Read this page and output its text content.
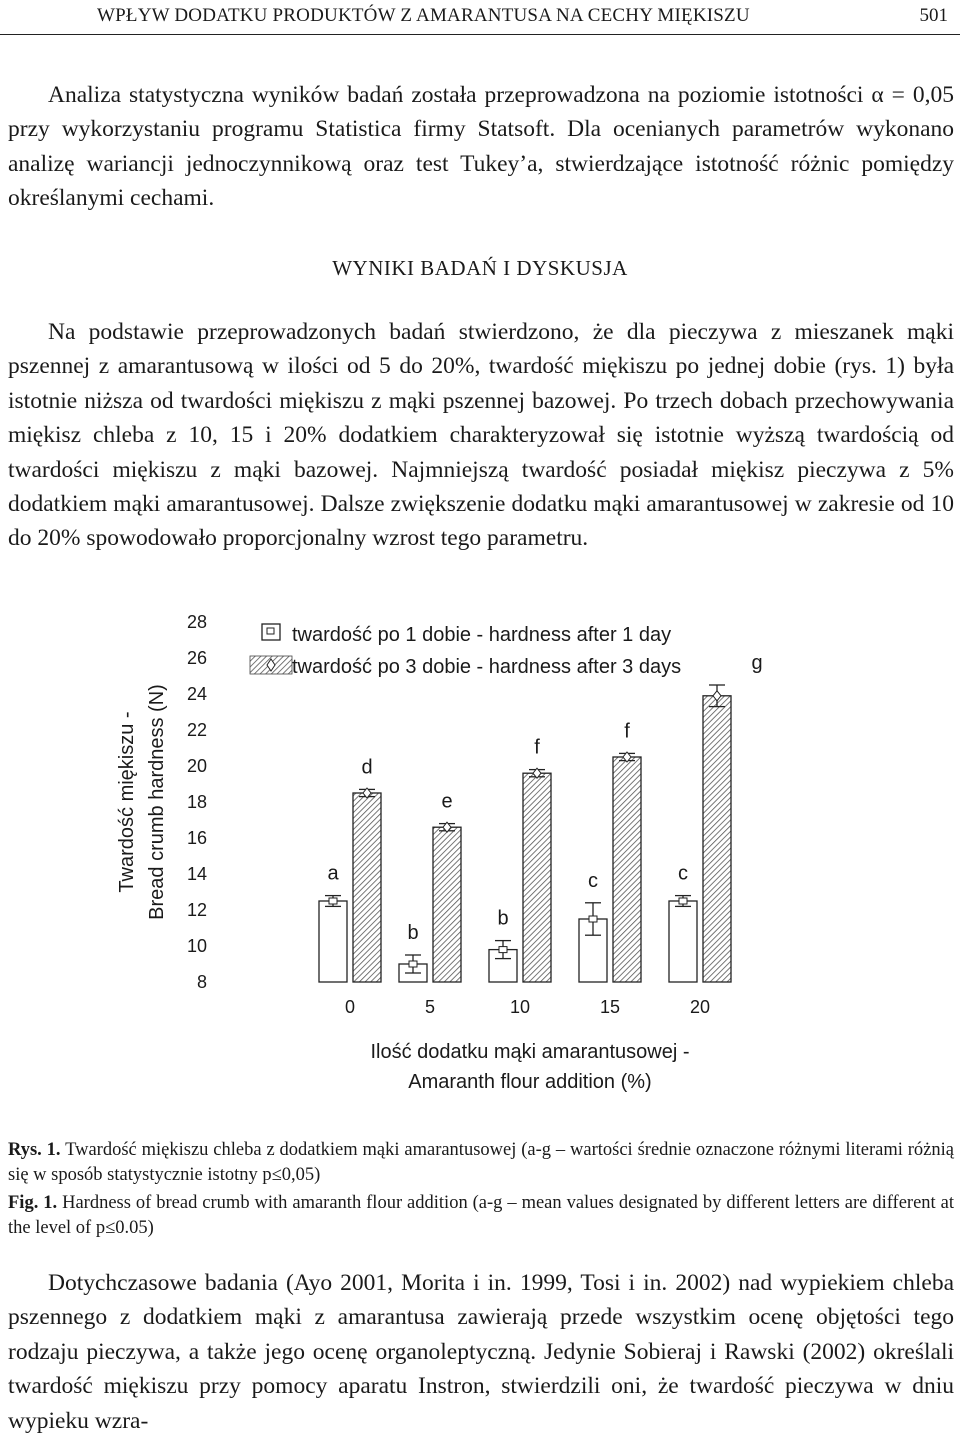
WPŁYW DODATKU PRODUKTÓW Z AMARANTUSA NA CECHY MIĘKISZU	501

Analiza statystyczna wyników badań została przeprowadzona na poziomie istotności α = 0,05 przy wykorzystaniu programu Statistica firmy Statsoft. Dla ocenianych parametrów wykonano analizę wariancji jednoczynnikową oraz test Tukey’a, stwierdzające istotność różnic pomiędzy określanymi cechami.

WYNIKI BADAŃ I DYSKUSJA

Na podstawie przeprowadzonych badań stwierdzono, że dla pieczywa z mieszanek mąki pszennej z amarantusową w ilości od 5 do 20%, twardość miękiszu po jednej dobie (rys. 1) była istotnie niższa od twardości miękiszu z mąki pszennej bazowej. Po trzech dobach przechowywania miękisz chleba z 10, 15 i 20% dodatkiem charakteryzował się istotnie wyższą twardością od twardości miękiszu z mąki bazowej. Najmniejszą twardość posiadał miękisz pieczywa z 5% dodatkiem mąki amarantusowej. Dalsze zwiększenie dodatku mąki amarantusowej w zakresie od 10 do 20% spowodowało proporcjonalny wzrost tego parametru.

Twardość miękiszu - Bread crumb hardness (N)
28
26
24
22
20
18
16
14
12
10
8
a
d
b
e
b
f
c
f
c
g
0	5	10	15	20
Ilość dodatku mąki amarantusowej -
Amaranth flour addition (%)
twardość po 1 dobie - hardness after 1 day
twardość po 3 dobie - hardness after 3 days

Rys. 1. Twardość miękiszu chleba z dodatkiem mąki amarantusowej (a-g – wartości średnie oznaczone różnymi literami różnią się w sposób statystycznie istotny p≤0,05)

Fig. 1. Hardness of bread crumb with amaranth flour addition (a-g – mean values designated by different letters are different at the level of p≤0.05)

Dotychczasowe badania (Ayo 2001, Morita i in. 1999, Tosi i in. 2002) nad wypiekiem chleba pszennego z dodatkiem mąki z amarantusa zawierają przede wszystkim ocenę objętości tego rodzaju pieczywa, a także jego ocenę organoleptyczną. Jedynie Sobieraj i Rawski (2002) określali twardość miękiszu przy pomocy aparatu Instron, stwierdzili oni, że twardość pieczywa w dniu wypieku wzra-
